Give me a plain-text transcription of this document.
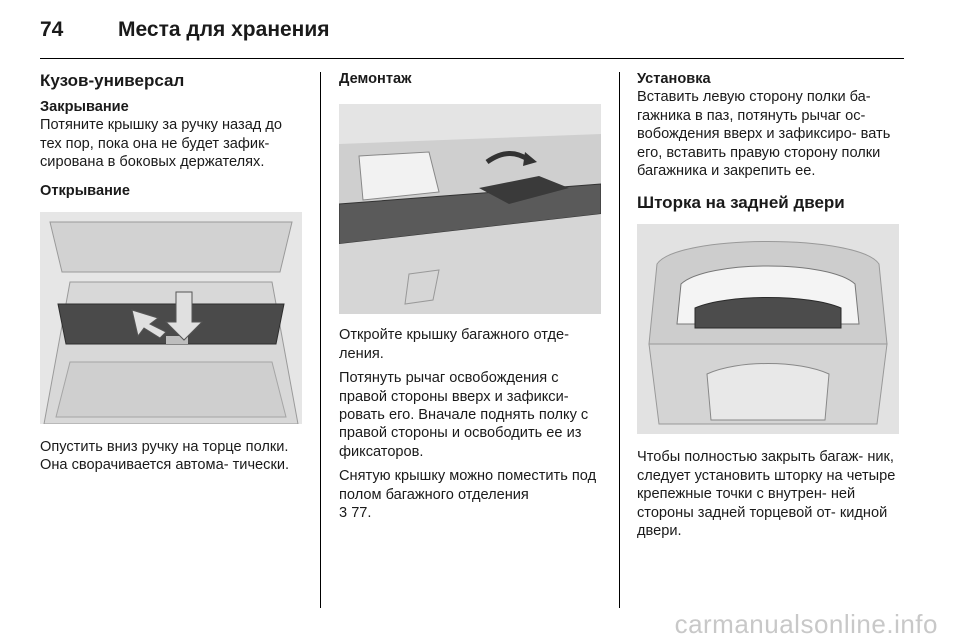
74	Места для хранения

Кузов-универсал

Закрывание

Потяните крышку за ручку назад до тех пор, пока она не будет зафик- сирована в боковых держателях.

Открывание

Опустить вниз ручку на торце полки. Она сворачивается автома- тически.

Демонтаж

Откройте крышку багажного отде- ления.

Потянуть рычаг освобождения с правой стороны вверх и зафикси- ровать его. Вначале поднять полку с правой стороны и освободить ее из фиксаторов.

Снятую крышку можно поместить под полом багажного отделения
3 77.

Установка

Вставить левую сторону полки ба- гажника в паз, потянуть рычаг ос- вобождения вверх и зафиксиро- вать его, вставить правую сторону полки багажника и закрепить ее.

Шторка на задней двери

Чтобы полностью закрыть багаж- ник, следует установить шторку на четыре крепежные точки с внутрен- ней стороны задней торцевой от- кидной двери.

carmanualsonline.info
